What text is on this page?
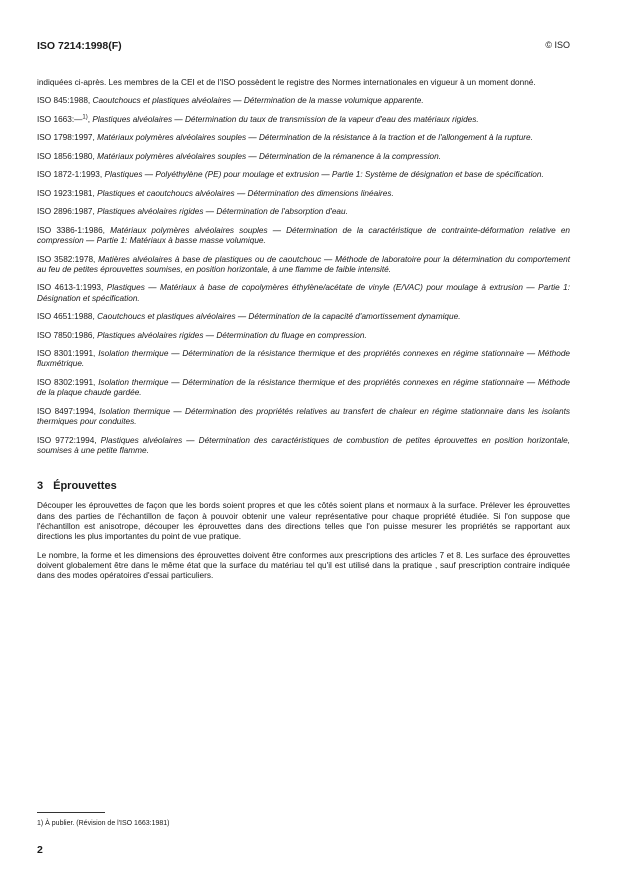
ISO 7214:1998(F)	© ISO

indiquées ci-après. Les membres de la CEI et de l'ISO possèdent le registre des Normes internationales en vigueur à un moment donné.

ISO 845:1988, Caoutchoucs et plastiques alvéolaires — Détermination de la masse volumique apparente.

ISO 1663:—$^{1)}$, Plastiques alvéolaires — Détermination du taux de transmission de la vapeur d'eau des matériaux rigides.

ISO 1798:1997, Matériaux polymères alvéolaires souples — Détermination de la résistance à la traction et de l'allongement à la rupture.

ISO 1856:1980, Matériaux polymères alvéolaires souples — Détermination de la rémanence à la compression.

ISO 1872-1:1993, Plastiques — Polyéthylène (PE) pour moulage et extrusion — Partie 1: Système de désignation et base de spécification.

ISO 1923:1981, Plastiques et caoutchoucs alvéolaires — Détermination des dimensions linéaires.

ISO 2896:1987, Plastiques alvéolaires rigides — Détermination de l'absorption d'eau.

ISO 3386-1:1986, Matériaux polymères alvéolaires souples — Détermination de la caractéristique de contrainte-déformation relative en compression — Partie 1: Matériaux à basse masse volumique.

ISO 3582:1978, Matières alvéolaires à base de plastiques ou de caoutchouc — Méthode de laboratoire pour la détermination du comportement au feu de petites éprouvettes soumises, en position horizontale, à une flamme de faible intensité.

ISO 4613-1:1993, Plastiques — Matériaux à base de copolymères éthylène/acétate de vinyle (E/VAC) pour moulage à extrusion — Partie 1: Désignation et spécification.

ISO 4651:1988, Caoutchoucs et plastiques alvéolaires — Détermination de la capacité d'amortissement dynamique.

ISO 7850:1986, Plastiques alvéolaires rigides — Détermination du fluage en compression.

ISO 8301:1991, Isolation thermique — Détermination de la résistance thermique et des propriétés connexes en régime stationnaire — Méthode fluxmétrique.

ISO 8302:1991, Isolation thermique — Détermination de la résistance thermique et des propriétés connexes en régime stationnaire — Méthode de la plaque chaude gardée.

ISO 8497:1994, Isolation thermique — Détermination des propriétés relatives au transfert de chaleur en régime stationnaire dans les isolants thermiques pour conduites.

ISO 9772:1994, Plastiques alvéolaires — Détermination des caractéristiques de combustion de petites éprouvettes en position horizontale, soumises à une petite flamme.

3 Éprouvettes

Découper les éprouvettes de façon que les bords soient propres et que les côtés soient plans et normaux à la surface. Prélever les éprouvettes dans des parties de l'échantillon de façon à pouvoir obtenir une valeur représentative pour chaque propriété étudiée. Si l'on suppose que l'échantillon est anisotrope, découper les éprouvettes dans des directions telles que l'on puisse mesurer les propriétés se rapportant aux directions les plus importantes du point de vue pratique.

Le nombre, la forme et les dimensions des éprouvettes doivent être conformes aux prescriptions des articles 7 et 8. Les surface des éprouvettes doivent globalement être dans le même état que la surface du matériau tel qu'il est utilisé dans la pratique , sauf prescription contraire indiquée dans des modes opératoires d'essai particuliers.

1) À publier. (Révision de l'ISO 1663:1981)
2
